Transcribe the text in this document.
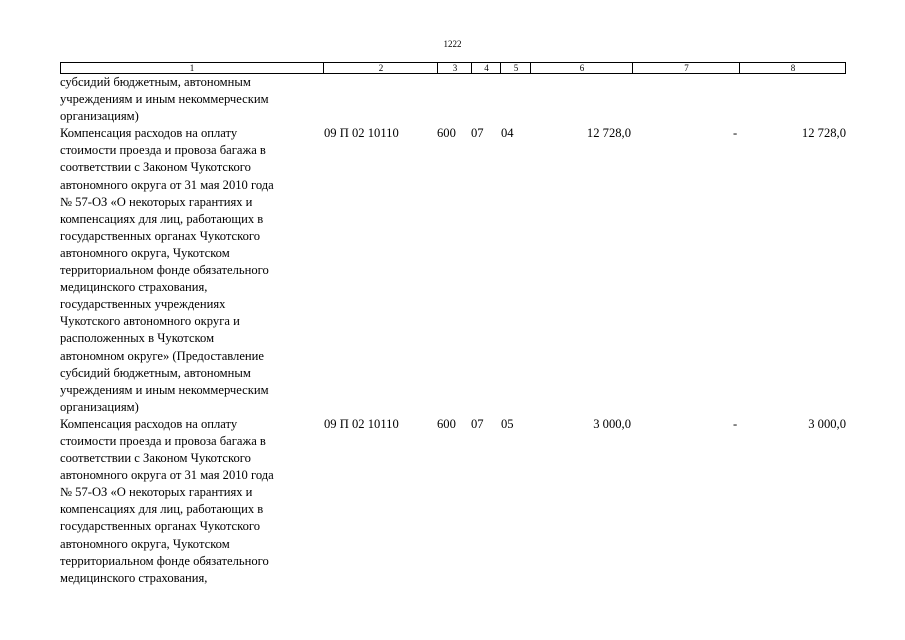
1222
1	2	3	4	5	6	7	8
субсидий бюджетным, автономным
учреждениям и иным некоммерческим
организациям)
Компенсация расходов на оплату
стоимости проезда и провоза багажа в
соответствии с Законом Чукотского
автономного округа от 31 мая 2010 года
№ 57-ОЗ «О некоторых гарантиях и
компенсациях для лиц, работающих в
государственных органах Чукотского
автономного округа, Чукотском
территориальном фонде обязательного
медицинского страхования,
государственных учреждениях
Чукотского автономного округа и
расположенных в Чукотском
автономном округе» (Предоставление
субсидий бюджетным, автономным
учреждениям и иным некоммерческим
организациям)
09 П 02 10110	600 07 04	12 728,0	-	12 728,0
Компенсация расходов на оплату
стоимости проезда и провоза багажа в
соответствии с Законом Чукотского
автономного округа от 31 мая 2010 года
№ 57-ОЗ «О некоторых гарантиях и
компенсациях для лиц, работающих в
государственных органах Чукотского
автономного округа, Чукотском
территориальном фонде обязательного
медицинского страхования,
09 П 02 10110	600 07 05	3 000,0	-	3 000,0
